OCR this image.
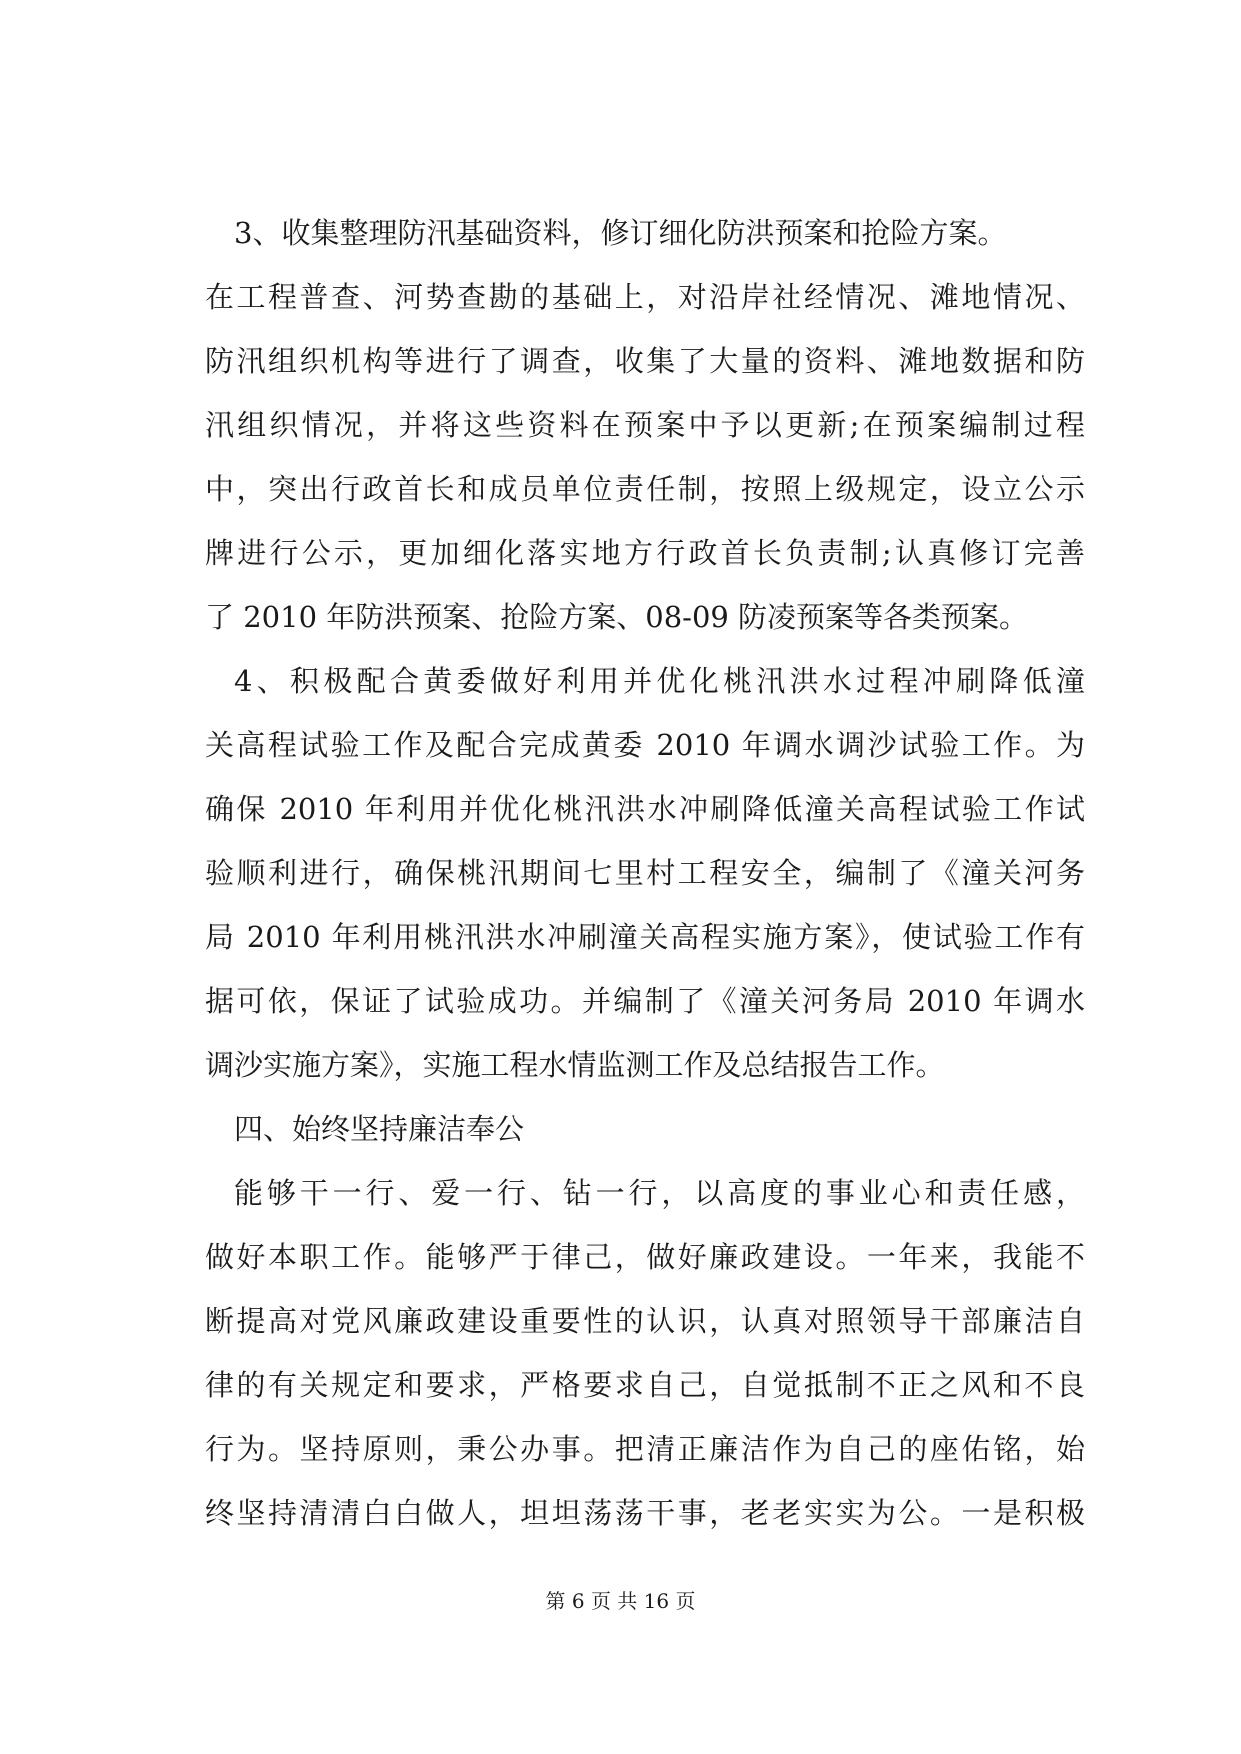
3、收集整理防汛基础资料，修订细化防洪预案和抢险方案。
在工程普查、河势查勘的基础上，对沿岸社经情况、滩地情况、
防汛组织机构等进行了调查，收集了大量的资料、滩地数据和防
汛组织情况，并将这些资料在预案中予以更新;在预案编制过程
中，突出行政首长和成员单位责任制，按照上级规定，设立公示
牌进行公示，更加细化落实地方行政首长负责制;认真修订完善
了 2010 年防洪预案、抢险方案、08-09 防凌预案等各类预案。
4、积极配合黄委做好利用并优化桃汛洪水过程冲刷降低潼
关高程试验工作及配合完成黄委 2010 年调水调沙试验工作。为
确保 2010 年利用并优化桃汛洪水冲刷降低潼关高程试验工作试
验顺利进行，确保桃汛期间七里村工程安全，编制了《潼关河务
局 2010 年利用桃汛洪水冲刷潼关高程实施方案》，使试验工作有
据可依，保证了试验成功。并编制了《潼关河务局 2010 年调水
调沙实施方案》，实施工程水情监测工作及总结报告工作。
四、始终坚持廉洁奉公
能够干一行、爱一行、钻一行，以高度的事业心和责任感，
做好本职工作。能够严于律己，做好廉政建设。一年来，我能不
断提高对党风廉政建设重要性的认识，认真对照领导干部廉洁自
律的有关规定和要求，严格要求自己，自觉抵制不正之风和不良
行为。坚持原则，秉公办事。把清正廉洁作为自己的座佑铭，始
终坚持清清白白做人，坦坦荡荡干事，老老实实为公。一是积极
第 6 页 共 16 页
